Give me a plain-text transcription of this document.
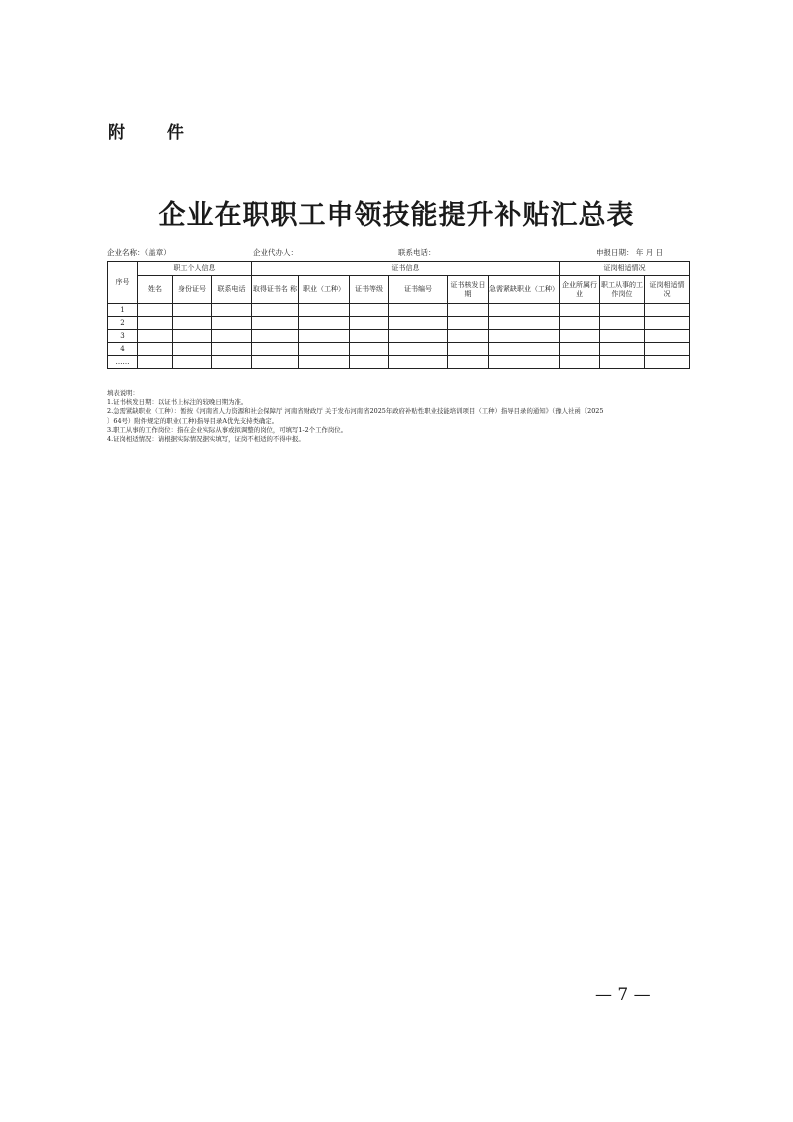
附 件
企业在职职工申领技能提升补贴汇总表
企业名称：（盖章）	企业代办人：	联系电话：	申报日期： 年 月 日
序号	职工个人信息			证书信息						证岗相适情况		
	姓名	身份证号	联系电话	取得证书名 称	职业（工种）	证书等级	证书编号	证书核发日 期	急需紧缺职业（工种）	企业所属行 业	职工从事的工作岗位	证岗相适情 况
1												
2												
3												
4												
……												
填表说明：
1.证书核发日期：以证书上标注的较晚日期为准。
2.急需紧缺职业（工种）：暂按《河南省人力资源和社会保障厅 河南省财政厅 关于发布河南省2025年政府补贴性职业技能培训项目（工种）指导目录的通知》（豫人社函〔2025
〕64号）附件规定的职业(工种)指导目录A优先支持类确定。
3.职工从事的工作岗位：指在企业实际从事或拟调整的岗位，可填写1-2个工作岗位。
4.证岗相适情况：请根据实际情况据实填写，证岗不相适的不得申报。
— 7 —
